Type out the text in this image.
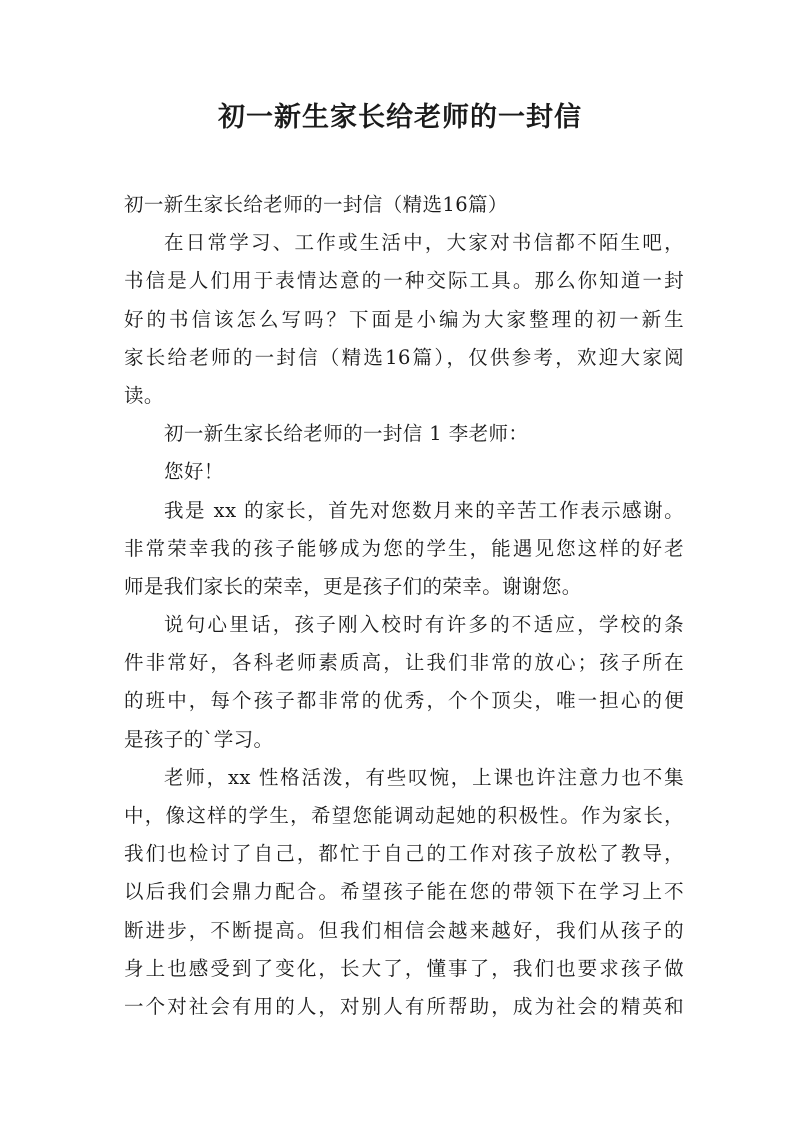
初一新生家长给老师的一封信
初一新生家长给老师的一封信（精选16篇）
在日常学习、工作或生活中，大家对书信都不陌生吧，
书信是人们用于表情达意的一种交际工具。那么你知道一封
好的书信该怎么写吗？下面是小编为大家整理的初一新生
家长给老师的一封信（精选16篇），仅供参考，欢迎大家阅
读。
初一新生家长给老师的一封信 1 李老师：
您好！
我是 xx 的家长，首先对您数月来的辛苦工作表示感谢。
非常荣幸我的孩子能够成为您的学生，能遇见您这样的好老
师是我们家长的荣幸，更是孩子们的荣幸。谢谢您。
说句心里话，孩子刚入校时有许多的不适应，学校的条
件非常好，各科老师素质高，让我们非常的放心；孩子所在
的班中，每个孩子都非常的优秀，个个顶尖，唯一担心的便
是孩子的`学习。
老师，xx 性格活泼，有些叹惋，上课也许注意力也不集
中，像这样的学生，希望您能调动起她的积极性。作为家长，
我们也检讨了自己，都忙于自己的工作对孩子放松了教导，
以后我们会鼎力配合。希望孩子能在您的带领下在学习上不
断进步，不断提高。但我们相信会越来越好，我们从孩子的
身上也感受到了变化，长大了，懂事了，我们也要求孩子做
一个对社会有用的人，对别人有所帮助，成为社会的精英和
